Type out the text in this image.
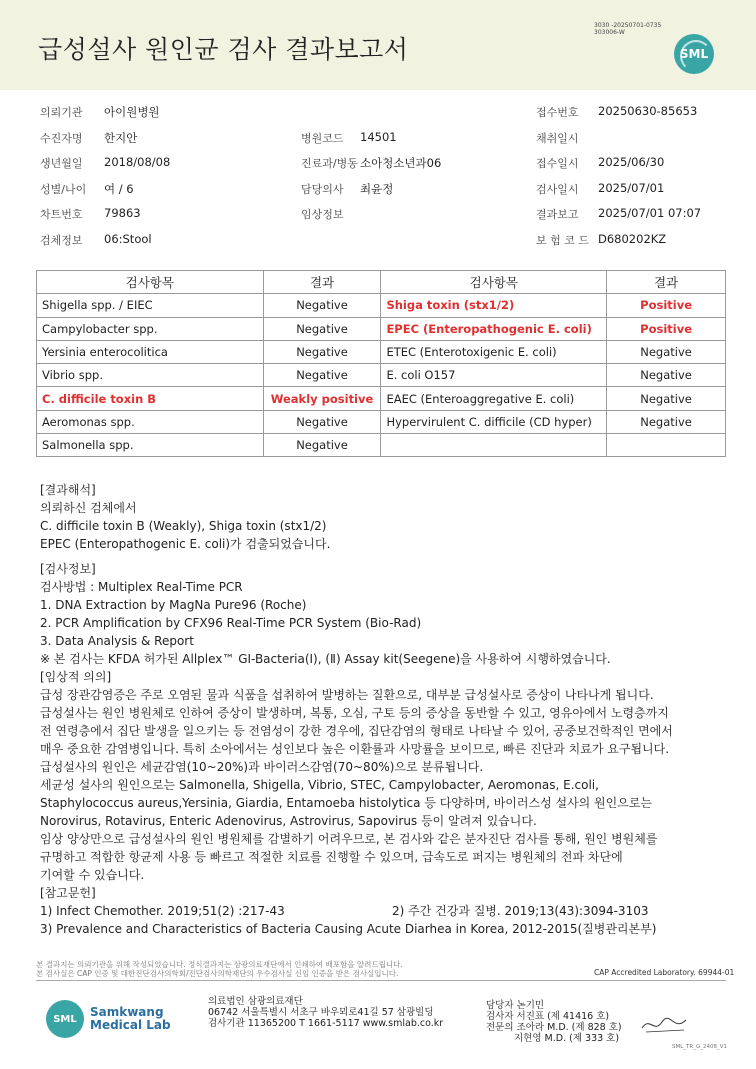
급성설사 원인균 검사 결과보고서
3030 -20250701-0735
303006-W
SML
의뢰기관 아이원병원	접수번호 20250630-85653
수진자명 한지안	병원코드 14501	채취일시
생년월일 2018/08/08	진료과/병동 소아청소년과06	접수일시 2025/06/30
성별/나이 여 / 6	담당의사 최윤정	검사일시 2025/07/01
차트번호 79863	임상정보	결과보고 2025/07/01 07:07
검체정보 06:Stool	보 험 코 드 D680202KZ
검사항목	결과	검사항목	결과
Shigella spp. / EIEC	Negative	Shiga toxin (stx1/2)	Positive
Campylobacter spp.	Negative	EPEC (Enteropathogenic E. coli)	Positive
Yersinia enterocolitica	Negative	ETEC (Enterotoxigenic E. coli)	Negative
Vibrio spp.	Negative	E. coli O157	Negative
C. difficile toxin B	Weakly positive	EAEC (Enteroaggregative E. coli)	Negative
Aeromonas spp.	Negative	Hypervirulent C. difficile (CD hyper)	Negative
Salmonella spp.	Negative		
[결과해석]
의뢰하신 검체에서
C. difficile toxin B (Weakly), Shiga toxin (stx1/2)
EPEC (Enteropathogenic E. coli)가 검출되었습니다.
[검사정보]
검사방법 : Multiplex Real-Time PCR
1. DNA Extraction by MagNa Pure96 (Roche)
2. PCR Amplification by CFX96 Real-Time PCR System (Bio-Rad)
3. Data Analysis & Report
※ 본 검사는 KFDA 허가된 Allplex™ GI-Bacteria(Ⅰ), (Ⅱ) Assay kit(Seegene)을 사용하여 시행하였습니다.
[임상적 의의]
급성 장관감염증은 주로 오염된 물과 식품을 섭취하여 발병하는 질환으로, 대부분 급성설사로 증상이 나타나게 됩니다.
급성설사는 원인 병원체로 인하여 증상이 발생하며, 복통, 오심, 구토 등의 증상을 동반할 수 있고, 영유아에서 노령층까지
전 연령층에서 집단 발생을 일으키는 등 전염성이 강한 경우에, 집단감염의 형태로 나타날 수 있어, 공중보건학적인 면에서
매우 중요한 감염병입니다. 특히 소아에서는 성인보다 높은 이환률과 사망률을 보이므로, 빠른 진단과 치료가 요구됩니다.
급성설사의 원인은 세균감염(10~20%)과 바이러스감염(70~80%)으로 분류됩니다.
세균성 설사의 원인으로는 Salmonella, Shigella, Vibrio, STEC, Campylobacter, Aeromonas, E.coli,
Staphylococcus aureus,Yersinia, Giardia, Entamoeba histolytica 등 다양하며, 바이러스성 설사의 원인으로는
Norovirus, Rotavirus, Enteric Adenovirus, Astrovirus, Sapovirus 등이 알려져 있습니다.
임상 양상만으로 급성설사의 원인 병원체를 감별하기 어려우므로, 본 검사와 같은 분자진단 검사를 통해, 원인 병원체를
규명하고 적합한 항균제 사용 등 빠르고 적절한 치료를 진행할 수 있으며, 급속도로 퍼지는 병원체의 전파 차단에
기여할 수 있습니다.
[참고문헌]
1) Infect Chemother. 2019;51(2) :217-43	2) 주간 건강과 질병. 2019;13(43):3094-3103
3) Prevalence and Characteristics of Bacteria Causing Acute Diarhea in Korea, 2012-2015(질병관리본부)
본 결과지는 의뢰기관을 위해 작성되었습니다. 정식결과지는 삼광의료재단에서 인쇄하여 배포함을 알려드립니다.
본 검사실은 CAP 인증 및 대한진단검사의학회/진단검사의학재단의 우수검사실 신임 인증을 받은 검사실입니다.	CAP Accredited Laboratory. 69944-01
SML	Samkwang
Medical Lab
의료법인 삼광의료재단
06742 서울특별시 서초구 바우뫼로41길 57 삼광빌딩
검사기관 11365200 T 1661-5117 www.smlab.co.kr
담당자 논기민
검사자 서진표 (제 41416 호)
전문의 조아라 M.D. (제 828 호)
지현영 M.D. (제 333 호)
SML_TR_G_2408_V1
